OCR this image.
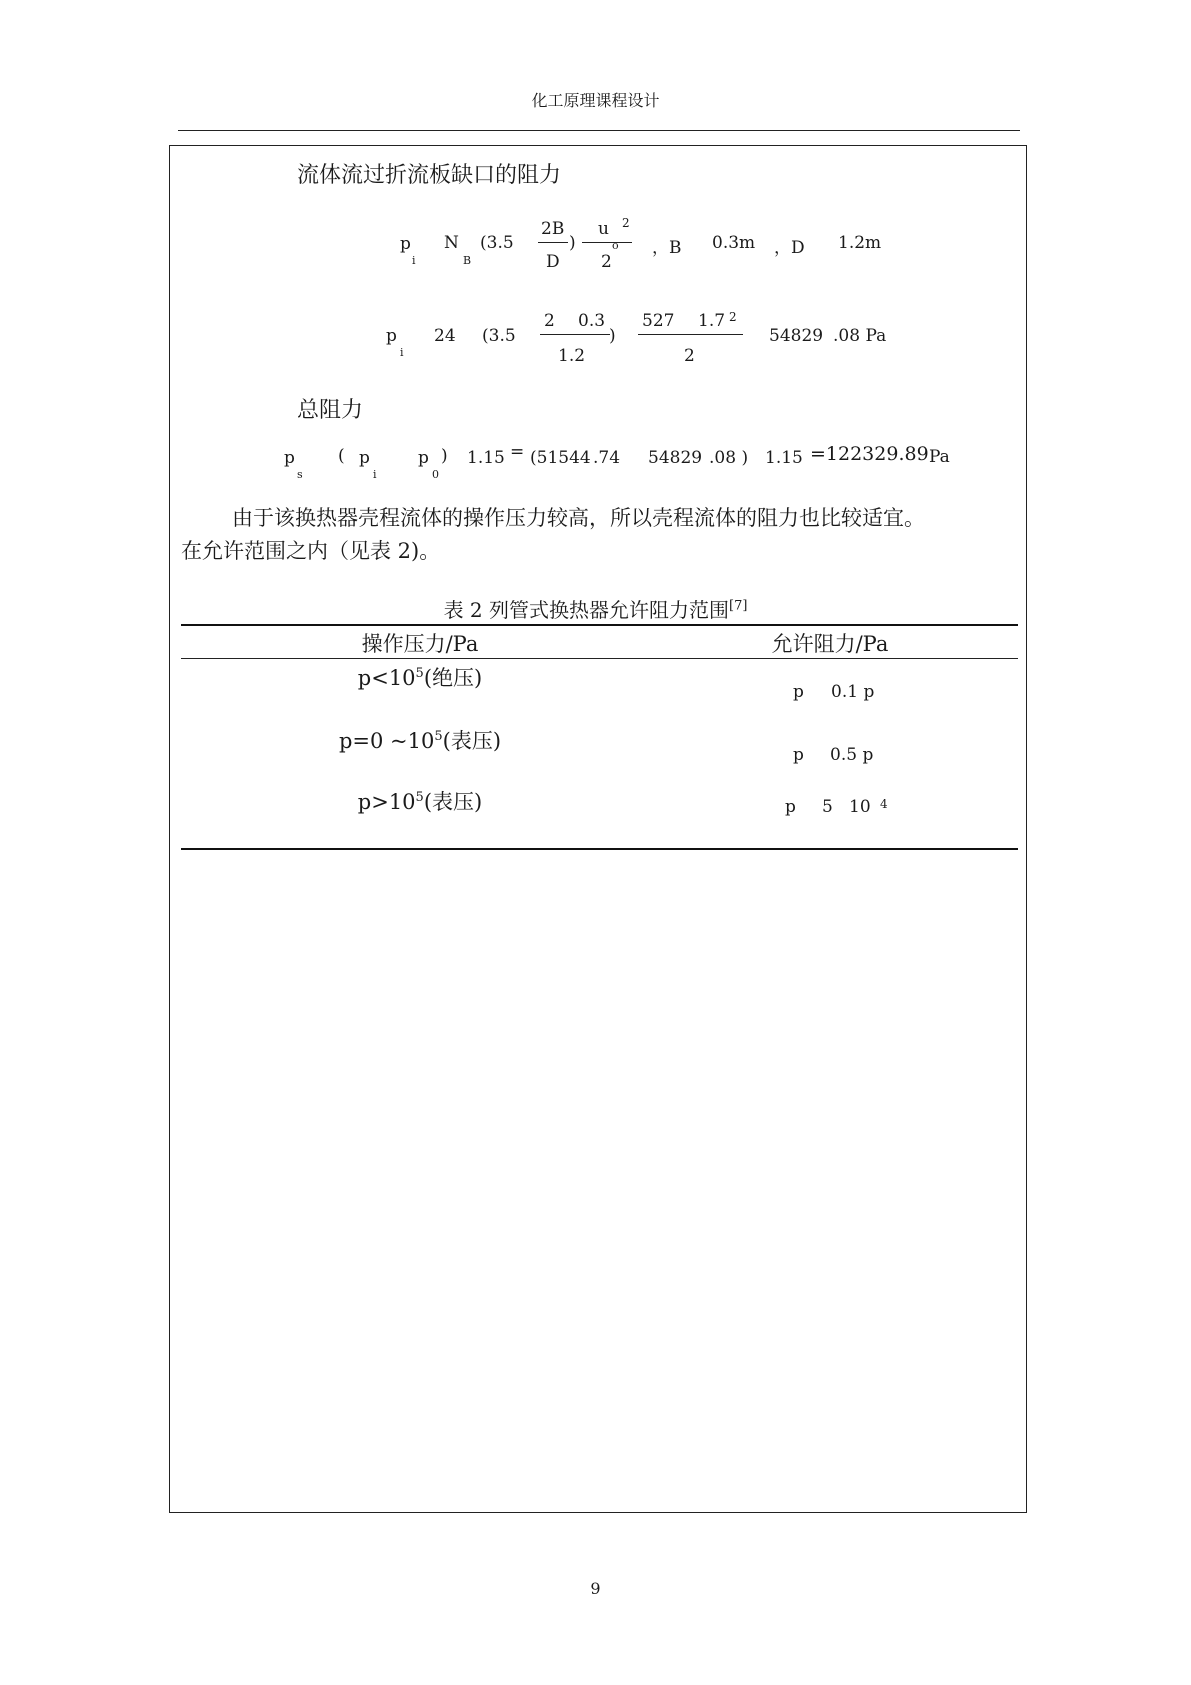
化工原理课程设计
流体流过折流板缺口的阻力
p
i
N
B
(3.5
2B
D
)
u 2
o
2
，B 0.3m ，D 1.2m
p
i
24 (3.5
2 0.3
1.2
)
527 1.7 2
2
54829 .08 Pa
总阻力
p
s
( p
i
p
0
) 1.15 = (51544 .74 54829 .08 ) 1.15 =122329.89 Pa
由于该换热器壳程流体的操作压力较高，所以壳程流体的阻力也比较适宜。
在允许范围之内（见表 2)。
表 2 列管式换热器允许阻力范围[7]
操作压力/Pa	允许阻力/Pa
$p<10^5$(绝压)
p 0.1 p
p=0 $\sim 10^5$(表压)
p 0.5 p
$p>10^5$(表压)	p 5   10 4
9
